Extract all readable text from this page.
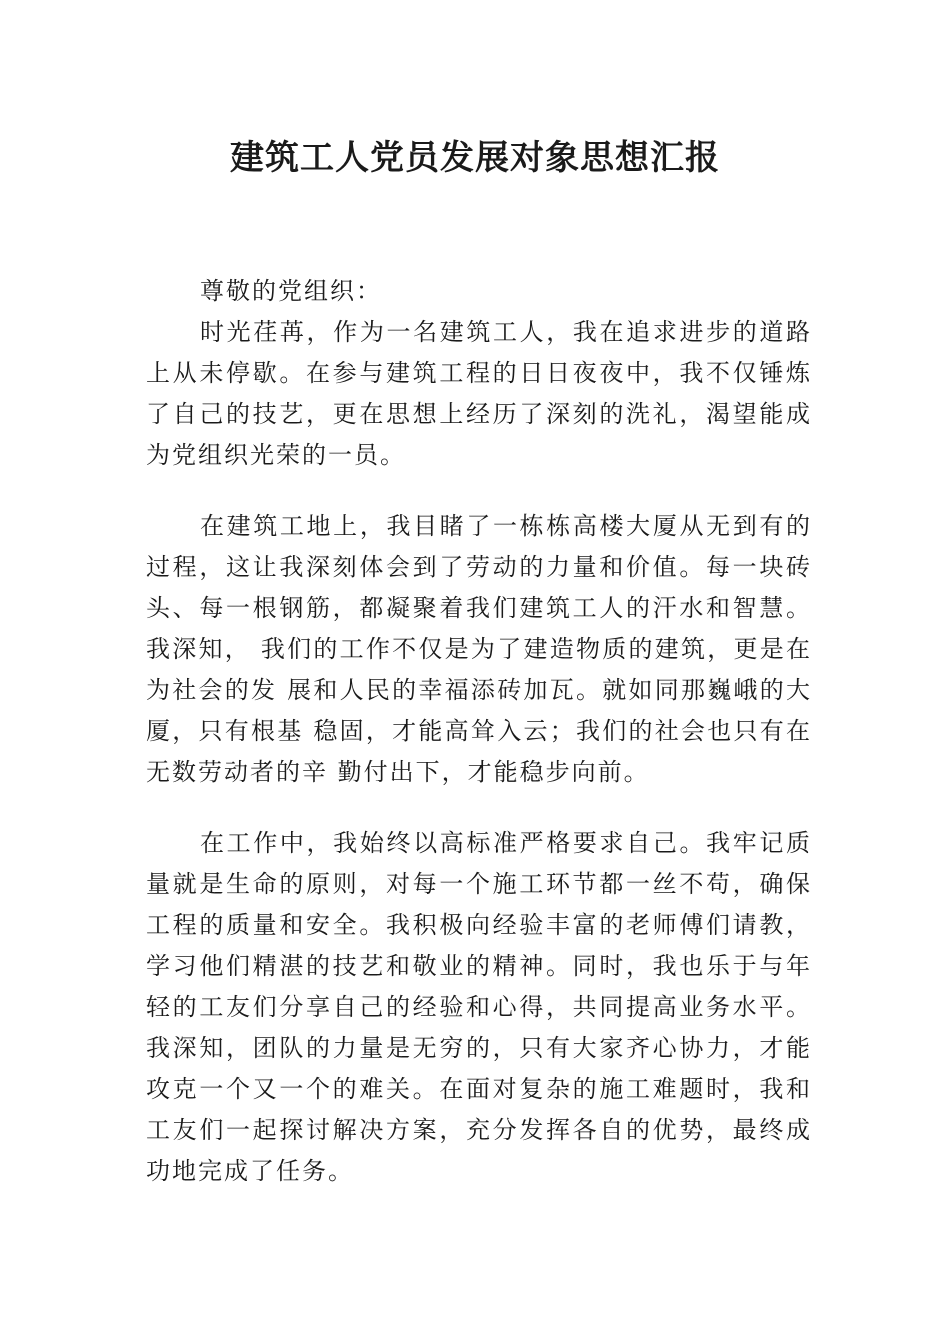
建筑工人党员发展对象思想汇报

尊敬的党组织：

时光荏苒，作为一名建筑工人，我在追求进步的道路上从未停歇。在参与建筑工程的日日夜夜中，我不仅锤炼了自己的技艺，更在思想上经历了深刻的洗礼，渴望能成为党组织光荣的一员。

在建筑工地上，我目睹了一栋栋高楼大厦从无到有的过程，这让我深刻体会到了劳动的力量和价值。每一块砖头、每一根钢筋，都凝聚着我们建筑工人的汗水和智慧。我深知， 我们的工作不仅是为了建造物质的建筑，更是在为社会的发 展和人民的幸福添砖加瓦。就如同那巍峨的大厦，只有根基 稳固，才能高耸入云；我们的社会也只有在无数劳动者的辛 勤付出下，才能稳步向前。

在工作中，我始终以高标准严格要求自己。我牢记质量就是生命的原则，对每一个施工环节都一丝不苟，确保工程的质量和安全。我积极向经验丰富的老师傅们请教，学习他们精湛的技艺和敬业的精神。同时，我也乐于与年轻的工友们分享自己的经验和心得，共同提高业务水平。我深知，团队的力量是无穷的，只有大家齐心协力，才能攻克一个又一个的难关。在面对复杂的施工难题时，我和工友们一起探讨解决方案，充分发挥各自的优势，最终成功地完成了任务。
